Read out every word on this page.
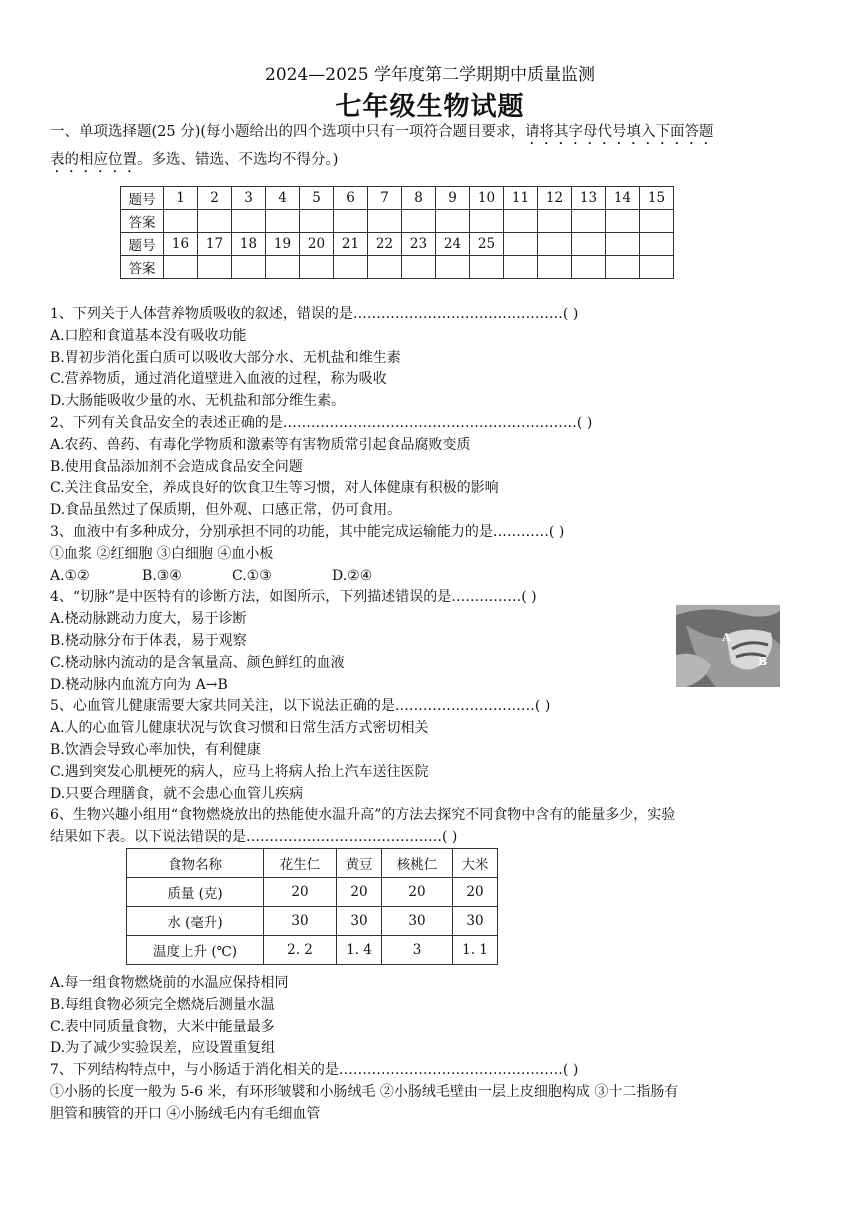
2024—2025 学年度第二学期期中质量监测
七年级生物试题
一、单项选择题(25 分)(每小题给出的四个选项中只有一项符合题目要求，请将其字母代号填入下面答题
表的相应位置。多选、错选、不选均不得分。)
题号	1	2	3	4	5	6	7	8	9	10	11	12	13	14	15
答案															
题号	16	17	18	19	20	21	22	23	24	25					
答案															
1、下列关于人体营养物质吸收的叙述，错误的是………………………………………( )
A.口腔和食道基本没有吸收功能
B.胃初步消化蛋白质可以吸收大部分水、无机盐和维生素
C.营养物质，通过消化道壁进入血液的过程，称为吸收
D.大肠能吸收少量的水、无机盐和部分维生素。
2、下列有关食品安全的表述正确的是………………………………………………………( )
A.农药、兽药、有毒化学物质和激素等有害物质常引起食品腐败变质
B.使用食品添加剂不会造成食品安全问题
C.关注食品安全，养成良好的饮食卫生等习惯，对人体健康有积极的影响
D.食品虽然过了保质期，但外观、口感正常，仍可食用。
3、血液中有多种成分，分别承担不同的功能，其中能完成运输能力的是…………( )
①血浆 ②红细胞 ③白细胞 ④血小板
A.①②	B.③④	C.①③	D.②④
4、“切脉”是中医特有的诊断方法，如图所示，下列描述错误的是……………( )
A.桡动脉跳动力度大，易于诊断
B.桡动脉分布于体表，易于观察
C.桡动脉内流动的是含氧量高、颜色鲜红的血液
D.桡动脉内血流方向为 A→B
5、心血管儿健康需要大家共同关注，以下说法正确的是…………………………( )
A.人的心血管儿健康状况与饮食习惯和日常生活方式密切相关
B.饮酒会导致心率加快，有利健康
C.遇到突发心肌梗死的病人，应马上将病人抬上汽车送往医院
D.只要合理膳食，就不会患心血管儿疾病
6、生物兴趣小组用“食物燃烧放出的热能使水温升高”的方法去探究不同食物中含有的能量多少，实验
结果如下表。以下说法错误的是……………………………………( )
A
B
食物名称	花生仁	黄豆	核桃仁	大米
质量 (克)	20	20	20	20
水 (毫升)	30	30	30	30
温度上升 (℃)	2. 2	1. 4	3	1. 1
A.每一组食物燃烧前的水温应保持相同
B.每组食物必须完全燃烧后测量水温
C.表中同质量食物，大米中能量最多
D.为了减少实验误差，应设置重复组
7、下列结构特点中，与小肠适于消化相关的是…………………………………………( )
①小肠的长度一般为 5-6 米，有环形皱襞和小肠绒毛 ②小肠绒毛壁由一层上皮细胞构成 ③十二指肠有
胆管和胰管的开口 ④小肠绒毛内有毛细血管
